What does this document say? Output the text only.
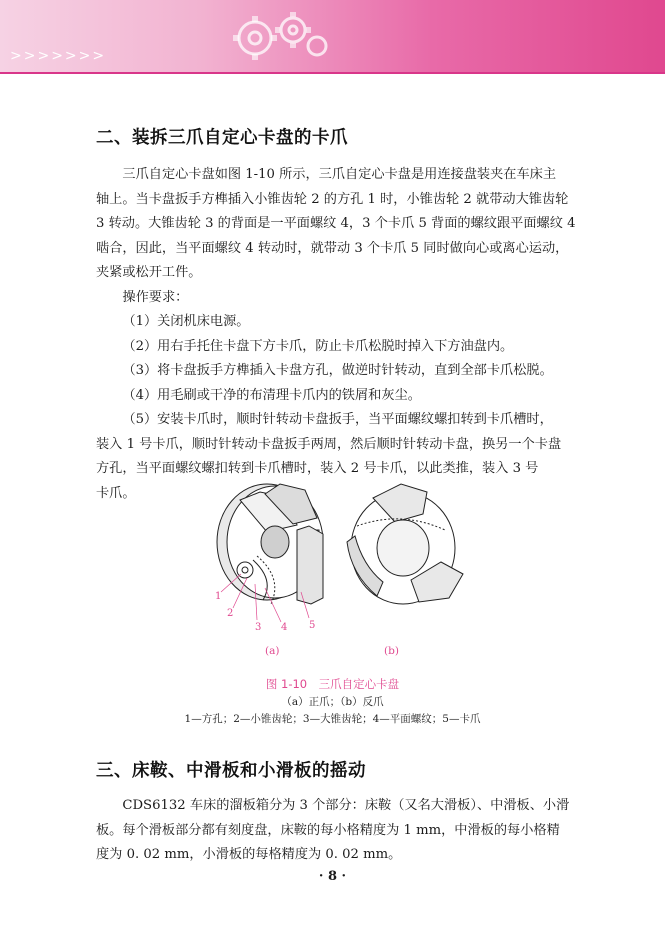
>>>>>>>
二、装拆三爪自定心卡盘的卡爪

三爪自定心卡盘如图 1-10 所示，三爪自定心卡盘是用连接盘装夹在车床主

轴上。当卡盘扳手方榫插入小锥齿轮 2 的方孔 1 时，小锥齿轮 2 就带动大锥齿轮

3 转动。大锥齿轮 3 的背面是一平面螺纹 4，3 个卡爪 5 背面的螺纹跟平面螺纹 4

啮合，因此，当平面螺纹 4 转动时，就带动 3 个卡爪 5 同时做向心或离心运动，

夹紧或松开工件。

操作要求：

（1）关闭机床电源。

（2）用右手托住卡盘下方卡爪，防止卡爪松脱时掉入下方油盘内。

（3）将卡盘扳手方榫插入卡盘方孔，做逆时针转动，直到全部卡爪松脱。

（4）用毛刷或干净的布清理卡爪内的铁屑和灰尘。

（5）安装卡爪时，顺时针转动卡盘扳手，当平面螺纹螺扣转到卡爪槽时，

装入 1 号卡爪，顺时针转动卡盘扳手两周，然后顺时针转动卡盘，换另一个卡盘

方孔，当平面螺纹螺扣转到卡爪槽时，装入 2 号卡爪，以此类推，装入 3 号

卡爪。

1
2
3 4 5
(a)	(b)
图 1-10　三爪自定心卡盘
（a）正爪；（b）反爪
1—方孔；2—小锥齿轮；3—大锥齿轮；4—平面螺纹；5—卡爪
三、床鞍、中滑板和小滑板的摇动

CDS6132 车床的溜板箱分为 3 个部分：床鞍（又名大滑板）、中滑板、小滑

板。每个滑板部分都有刻度盘，床鞍的每小格精度为 1 mm，中滑板的每小格精

度为 0. 02 mm，小滑板的每格精度为 0. 02 mm。

· 8 ·
